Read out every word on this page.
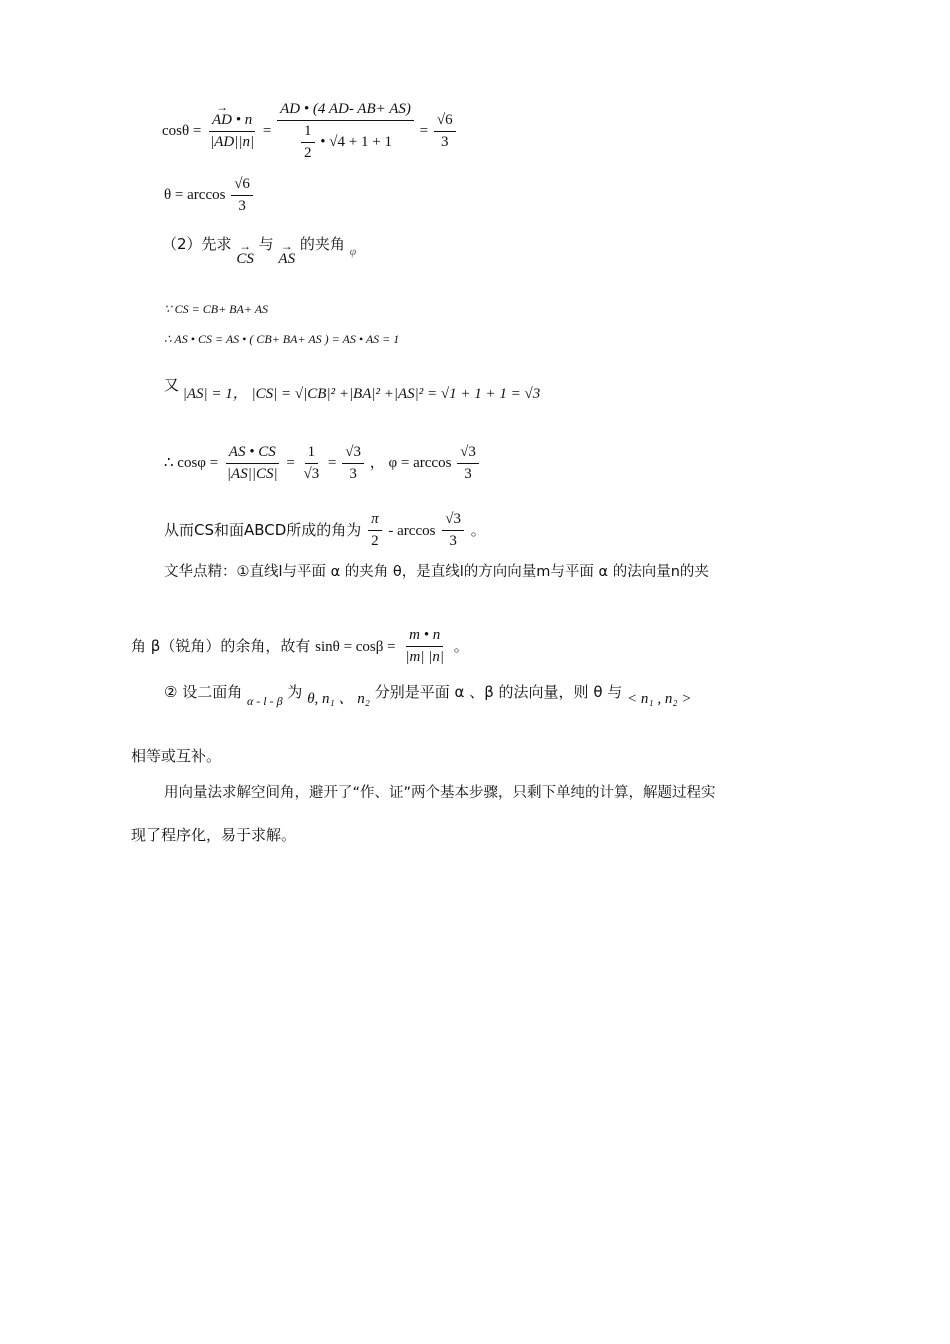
cosθ =
→ $\frac{AD • n}{|AD||n|} = \frac{AD • (4 AD- AB+ AS)}{\frac{1}{2} • √4 + 1 + 1} = \frac{√6}{3}$
$\theta = \arccos \frac{√6}{3}$
（2）先求 → CS 与 → AS 的夹角 $_\varphi$
∵ CS = CB+ BA+ AS
∴ AS • CS = AS • ( CB+ BA+ AS ) = AS • AS = 1
又 |AS| = 1， |CS| = √|CB|² +|BA|² +|AS|² = √1 + 1 + 1 = √3
∴ $\cos\varphi = \frac{AS • CS}{|AS||CS|} = \frac{1}{√3} = \frac{√3}{3}$ ， $\varphi = \arccos \frac{√3}{3}$
从而CS和面ABCD所成的角为 $\frac{\pi}{2}$ - $\arccos \frac{√3}{3}$ 。
文华点精：①直线l与平面 α 的夹角 θ，是直线l的方向向量m与平面 α 的法向量n的夹
角 β（锐角）的余角，故有 $\sin\theta = \cos\beta = \frac{m • n}{|m| |n|}$ 。
② 设二面角 $_{\alpha - l - \beta}$ 为 θ, n₁ 、 n₂ 分别是平面 α 、β 的法向量，则 θ 与 < n₁ , n₂ >
相等或互补。
用向量法求解空间角，避开了“作、证”两个基本步骤，只剩下单纯的计算，解题过程实
现了程序化，易于求解。
